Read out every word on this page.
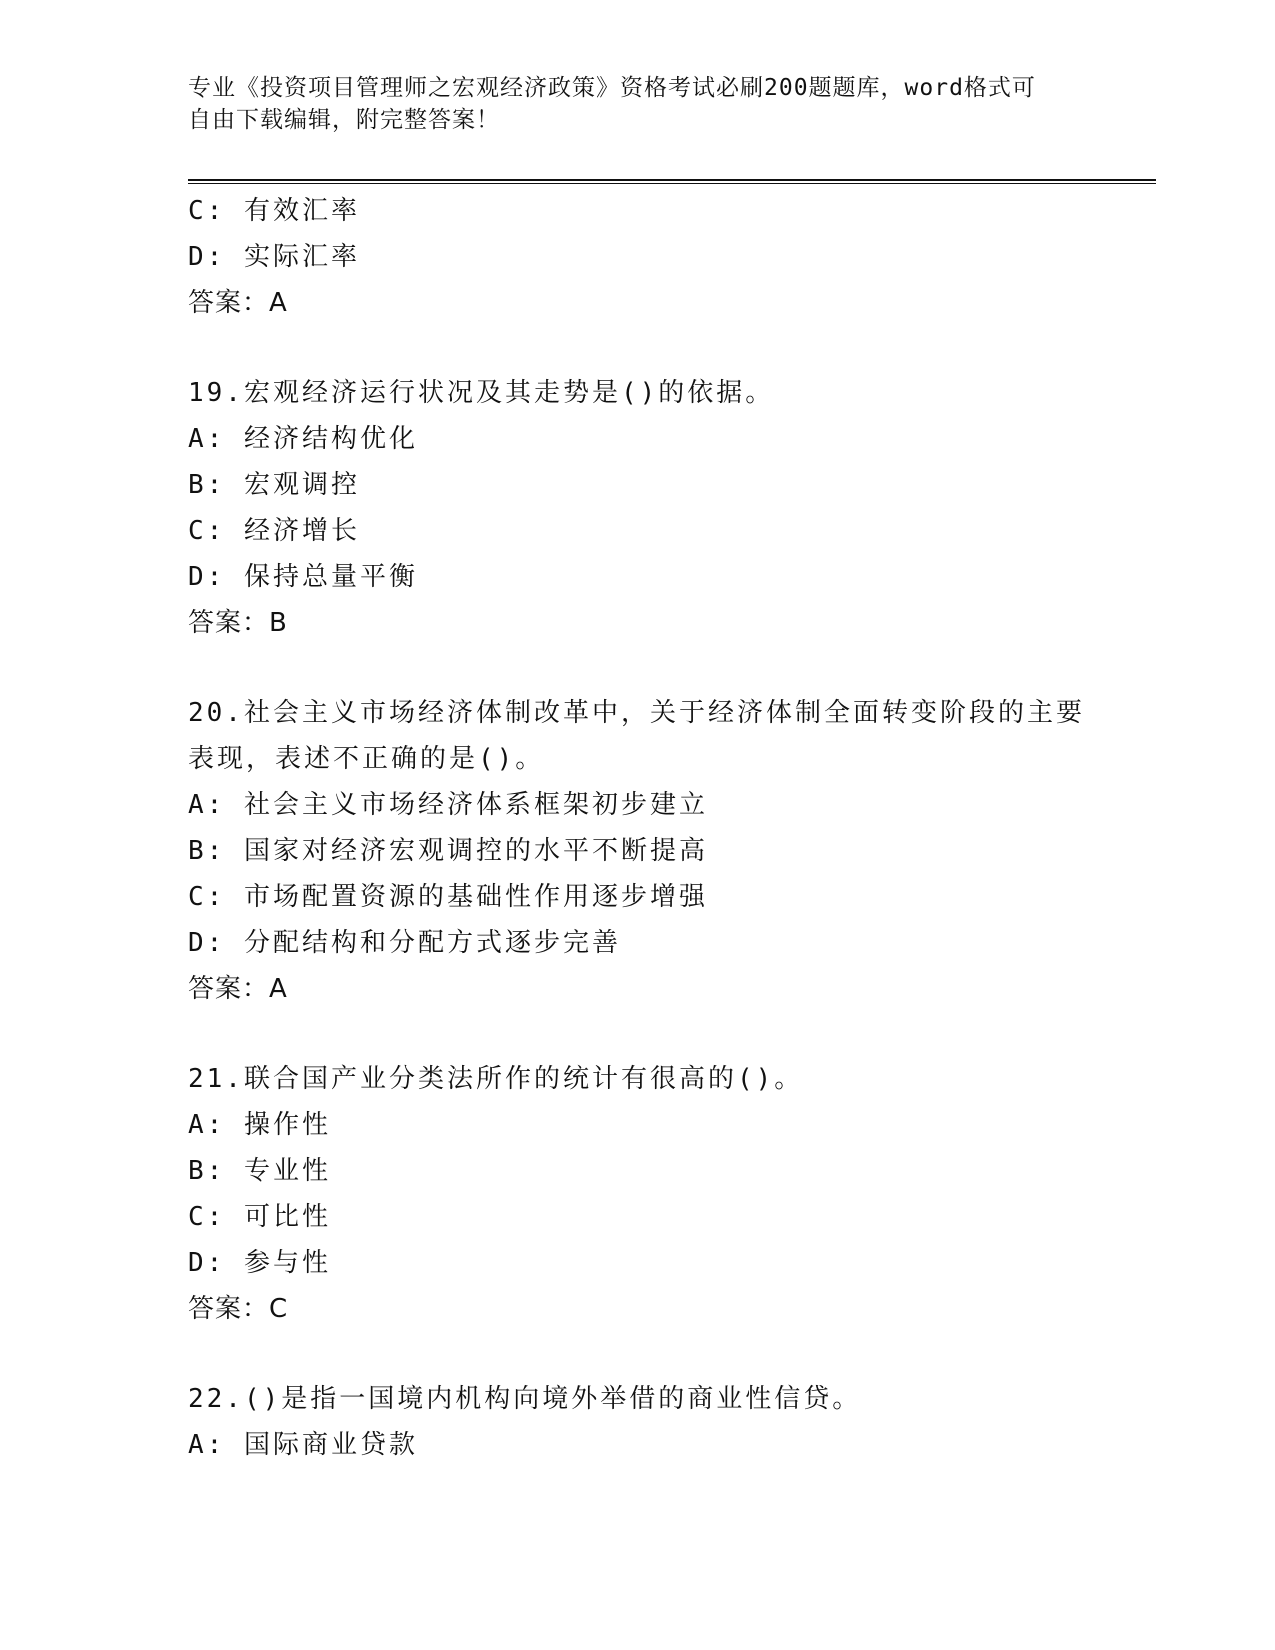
专业《投资项目管理师之宏观经济政策》资格考试必刷200题题库，word格式可
自由下载编辑，附完整答案！
C: 有效汇率
D: 实际汇率
答案：A
19.宏观经济运行状况及其走势是()的依据。
A: 经济结构优化
B: 宏观调控
C: 经济增长
D: 保持总量平衡
答案：B
20.社会主义市场经济体制改革中，关于经济体制全面转变阶段的主要
表现，表述不正确的是()。
A: 社会主义市场经济体系框架初步建立
B: 国家对经济宏观调控的水平不断提高
C: 市场配置资源的基础性作用逐步增强
D: 分配结构和分配方式逐步完善
答案：A
21.联合国产业分类法所作的统计有很高的()。
A: 操作性
B: 专业性
C: 可比性
D: 参与性
答案：C
22.()是指一国境内机构向境外举借的商业性信贷。
A: 国际商业贷款
